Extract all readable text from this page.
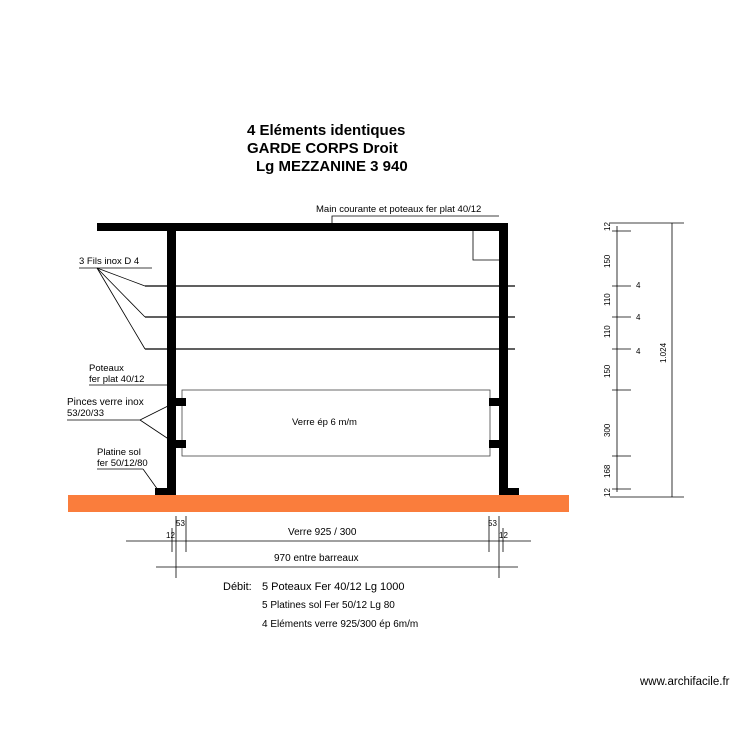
4 Eléments identiques
GARDE CORPS Droit
Lg MEZZANINE 3 940
Verre ép 6 m/m
Main courante et poteaux fer plat 40/12
3 Fils inox D 4
Poteaux
fer plat 40/12
Pinces verre inox
53/20/33
Platine sol
fer 50/12/80
12
150
110
110
150
300
168
12
1.024
4
4
4
53
12	Verre 925 / 300
53
12
970 entre barreaux
Débit: 5 Poteaux Fer 40/12 Lg 1000
5 Platines sol Fer 50/12 Lg 80
4 Eléments verre 925/300 ép 6m/m
www.archifacile.fr
